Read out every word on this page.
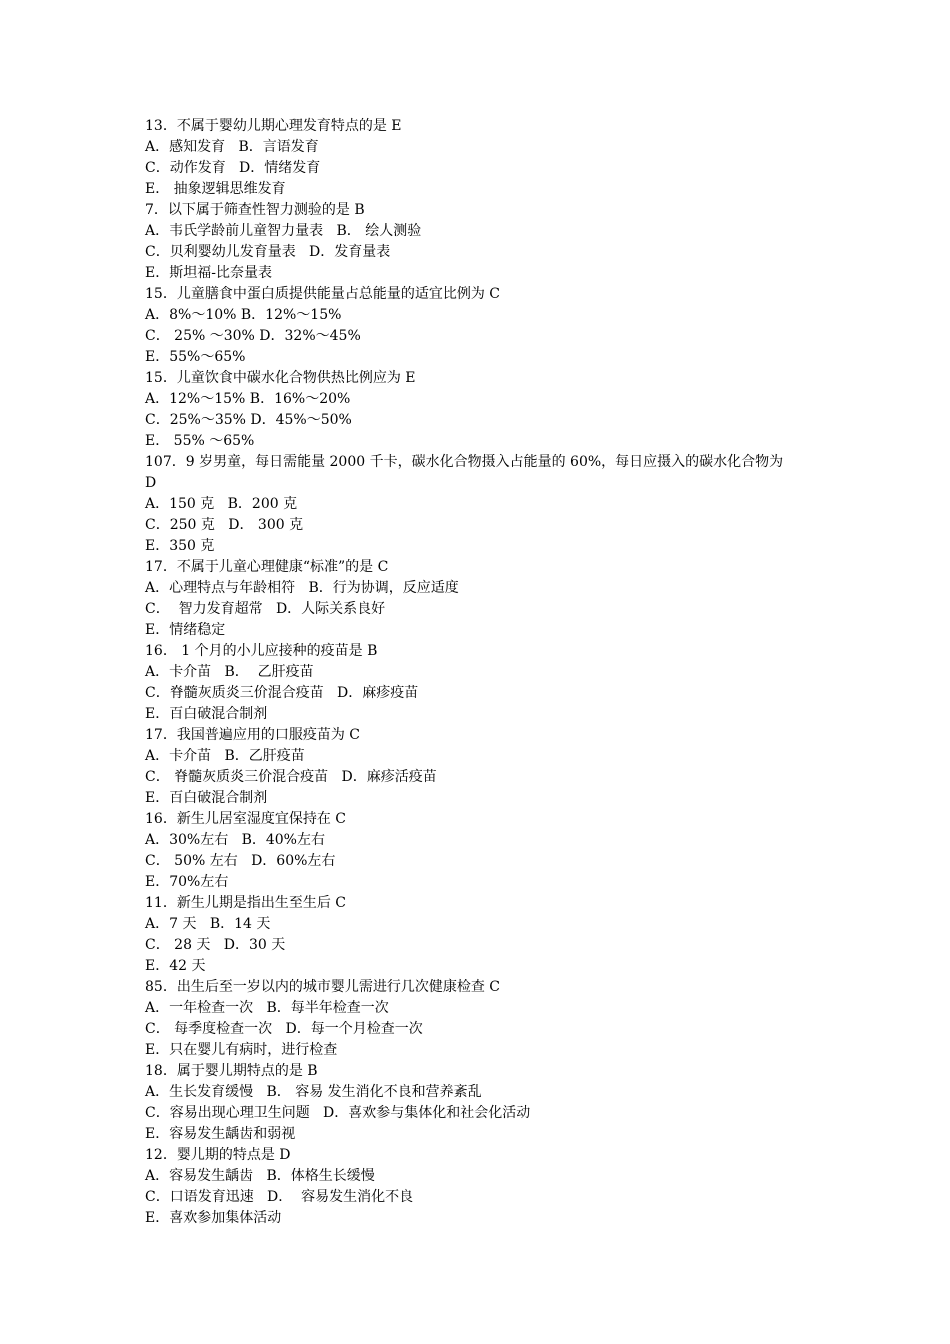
13．不属于婴幼儿期心理发育特点的是 E

A．感知发育   B．言语发育

C．动作发育   D．情绪发育

E． 抽象逻辑思维发育

7．以下属于筛查性智力测验的是 B

A．韦氏学龄前儿童智力量表   B． 绘人测验

C．贝利婴幼儿发育量表   D．发育量表

E．斯坦福-比奈量表

15．儿童膳食中蛋白质提供能量占总能量的适宜比例为 C

A．8%～10% B．12%～15%

C． 25% ～30% D．32%～45%

E．55%～65%

15．儿童饮食中碳水化合物供热比例应为 E

A．12%～15% B．16%～20%

C．25%～35% D．45%～50%

E． 55% ～65%

107．9 岁男童，每日需能量 2000 千卡，碳水化合物摄入占能量的 60%，每日应摄入的碳水化合物为 D

A．150 克   B．200 克

C．250 克   D． 300 克

E．350 克

17．不属于儿童心理健康“标准”的是 C

A．心理特点与年龄相符   B．行为协调，反应适度

C．  智力发育超常   D．人际关系良好

E．情绪稳定

16． 1 个月的小儿应接种的疫苗是 B

A．卡介苗   B．  乙肝疫苗

C．脊髓灰质炎三价混合疫苗   D．麻疹疫苗

E．百白破混合制剂

17．我国普遍应用的口服疫苗为 C

A．卡介苗   B．乙肝疫苗

C． 脊髓灰质炎三价混合疫苗   D．麻疹活疫苗

E．百白破混合制剂

16．新生儿居室湿度宜保持在 C

A．30%左右   B．40%左右

C． 50% 左右   D．60%左右

E．70%左右

11．新生儿期是指出生至生后 C

A．7 天   B．14 天

C． 28 天   D．30 天

E．42 天

85．出生后至一岁以内的城市婴儿需进行几次健康检查 C

A．一年检查一次   B．每半年检查一次

C． 每季度检查一次   D．每一个月检查一次

E．只在婴儿有病时，进行检查

18．属于婴儿期特点的是 B

A．生长发育缓慢   B． 容易 发生消化不良和营养紊乱

C．容易出现心理卫生问题   D．喜欢参与集体化和社会化活动

E．容易发生龋齿和弱视

12．婴儿期的特点是 D

A．容易发生龋齿   B．体格生长缓慢

C．口语发育迅速   D．  容易发生消化不良

E．喜欢参加集体活动
